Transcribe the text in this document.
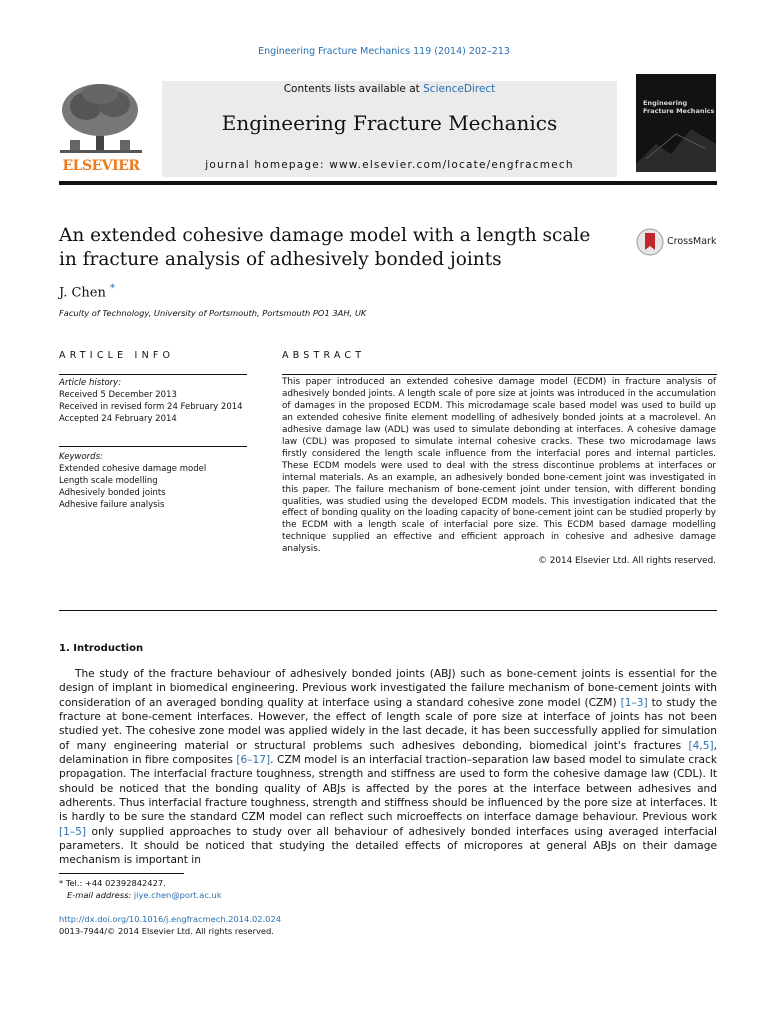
Engineering Fracture Mechanics 119 (2014) 202–213
ELSEVIER
Contents lists available at ScienceDirect
Engineering Fracture Mechanics
journal homepage: www.elsevier.com/locate/engfracmech
Engineering
Fracture Mechanics
An extended cohesive damage model with a length scale
in fracture analysis of adhesively bonded joints
CrossMark
J. Chen *
Faculty of Technology, University of Portsmouth, Portsmouth PO1 3AH, UK
ARTICLE INFO	ABSTRACT
Article history:
Received 5 December 2013
Received in revised form 24 February 2014
Accepted 24 February 2014
Keywords:
Extended cohesive damage model
Length scale modelling
Adhesively bonded joints
Adhesive failure analysis
This paper introduced an extended cohesive damage model (ECDM) in fracture analysis of adhesively bonded joints. A length scale of pore size at joints was introduced in the accumulation of damages in the proposed ECDM. This microdamage scale based model was used to build up an extended cohesive finite element modelling of adhesively bonded joints at a macrolevel. An adhesive damage law (ADL) was used to simulate debonding at interfaces. A cohesive damage law (CDL) was proposed to simulate internal cohesive cracks. These two microdamage laws firstly considered the length scale influence from the interfacial pores and internal particles. These ECDM models were used to deal with the stress discontinue problems at interfaces or internal materials. As an example, an adhesively bonded bone-cement joint was investigated in this paper. The failure mechanism of bone-cement joint under tension, with different bonding qualities, was studied using the developed ECDM models. This investigation indicated that the effect of bonding quality on the loading capacity of bone-cement joint can be studied properly by the ECDM with a length scale of interfacial pore size. This ECDM based damage modelling technique supplied an effective and efficient approach in cohesive and adhesive damage analysis.
© 2014 Elsevier Ltd. All rights reserved.
1. Introduction
The study of the fracture behaviour of adhesively bonded joints (ABJ) such as bone-cement joints is essential for the design of implant in biomedical engineering. Previous work investigated the failure mechanism of bone-cement joints with consideration of an averaged bonding quality at interface using a standard cohesive zone model (CZM) [1–3] to study the fracture at bone-cement interfaces. However, the effect of length scale of pore size at interface of joints has not been studied yet. The cohesive zone model was applied widely in the last decade, it has been successfully applied for simulation of many engineering material or structural problems such adhesives debonding, biomedical joint's fractures [4,5], delamination in fibre composites [6–17]. CZM model is an interfacial traction–separation law based model to simulate crack propagation. The interfacial fracture toughness, strength and stiffness are used to form the cohesive damage law (CDL). It should be noticed that the bonding quality of ABJs is affected by the pores at the interface between adhesives and adherents. Thus interfacial fracture toughness, strength and stiffness should be influenced by the pore size at interfaces. It is hardly to be sure the standard CZM model can reflect such microeffects on interface damage behaviour. Previous work [1–5] only supplied approaches to study over all behaviour of adhesively bonded interfaces using averaged interfacial parameters. It should be noticed that studying the detailed effects of micropores at general ABJs on their damage mechanism is important in
* Tel.: +44 02392842427.
E-mail address: jiye.chen@port.ac.uk
http://dx.doi.org/10.1016/j.engfracmech.2014.02.024
0013-7944/© 2014 Elsevier Ltd. All rights reserved.
